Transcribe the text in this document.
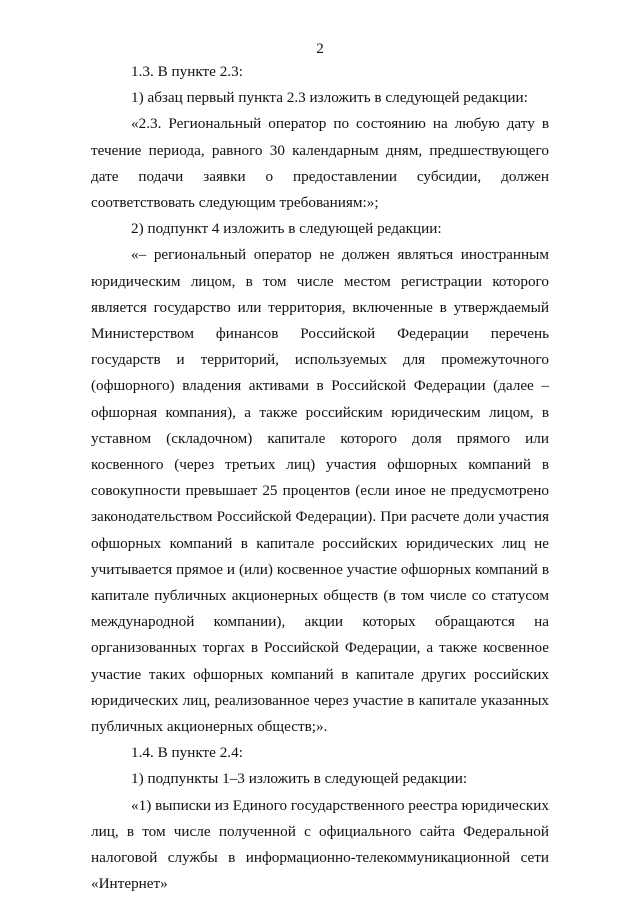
2

1.3. В пункте 2.3:

1) абзац первый пункта 2.3 изложить в следующей редакции:

«2.3. Региональный оператор по состоянию на любую дату в течение периода, равного 30 календарным дням, предшествующего дате подачи заявки о предоставлении субсидии, должен соответствовать следующим требованиям:»;

2) подпункт 4 изложить в следующей редакции:

«– региональный оператор не должен являться иностранным юридическим лицом, в том числе местом регистрации которого является государство или территория, включенные в утверждаемый Министерством финансов Российской Федерации перечень государств и территорий, используемых для промежуточного (офшорного) владения активами в Российской Федерации (далее – офшорная компания), а также российским юридическим лицом, в уставном (складочном) капитале которого доля прямого или косвенного (через третьих лиц) участия офшорных компаний в совокупности превышает 25 процентов (если иное не предусмотрено законодательством Российской Федерации). При расчете доли участия офшорных компаний в капитале российских юридических лиц не учитывается прямое и (или) косвенное участие офшорных компаний в капитале публичных акционерных обществ (в том числе со статусом международной компании), акции которых обращаются на организованных торгах в Российской Федерации, а также косвенное участие таких офшорных компаний в капитале других российских юридических лиц, реализованное через участие в капитале указанных публичных акционерных обществ;».

1.4. В пункте 2.4:

1) подпункты 1–3 изложить в следующей редакции:

«1) выписки из Единого государственного реестра юридических лиц, в том числе полученной с официального сайта Федеральной налоговой службы в информационно-телекоммуникационной сети «Интернет»
